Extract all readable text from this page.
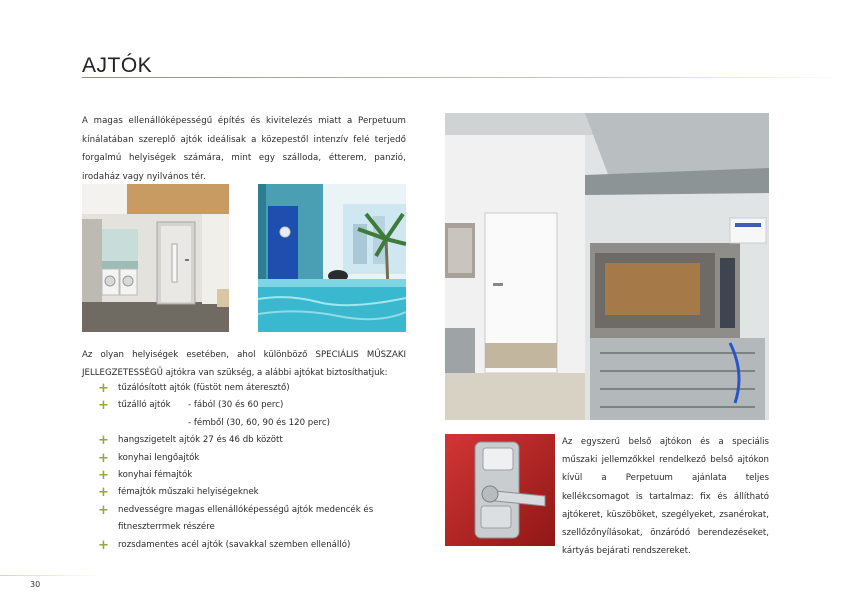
AJTÓK

A magas ellenállóképességű építés és kivitelezés miatt a Perpetuum kínálatában szereplő ajtók ideálisak a közepestől intenzív felé terjedő forgalmú helyiségek számára, mint egy szálloda, étterem, panzió, irodaház vagy nyilvános tér.

Az olyan helyiségek esetében, ahol különböző SPECIÁLIS MŰSZAKI JELLEGZETESSÉGŰ ajtókra van szükség, a alábbi ajtókat biztosíthatjuk:

+ tűzálósított ajtók (füstöt nem áteresztő)
+ tűzálló ajtók - fából (30 és 60 perc)
- fémből (30, 60, 90 és 120 perc)
+ hangszigetelt ajtók 27 és 46 db között
+ konyhai lengőajtók
+ konyhai fémajtók
+ fémajtók műszaki helyiségeknek
+ nedvességre magas ellenállóképességű ajtók medencék és
fitneszterrmek részére
+ rozsdamentes acél ajtók (savakkal szemben ellenálló)

Az egyszerű belső ajtókon és a speciális műszaki jellemzőkkel rendelkező belső ajtókon kívül a Perpetuum ajánlata teljes kellékcsomagot is tartalmaz: fix és állítható ajtókeret, küszöböket, szegélyeket, zsanérokat, szellőzőnyílásokat, önzáródó berendezéseket, kártyás bejárati rendszereket.

30
